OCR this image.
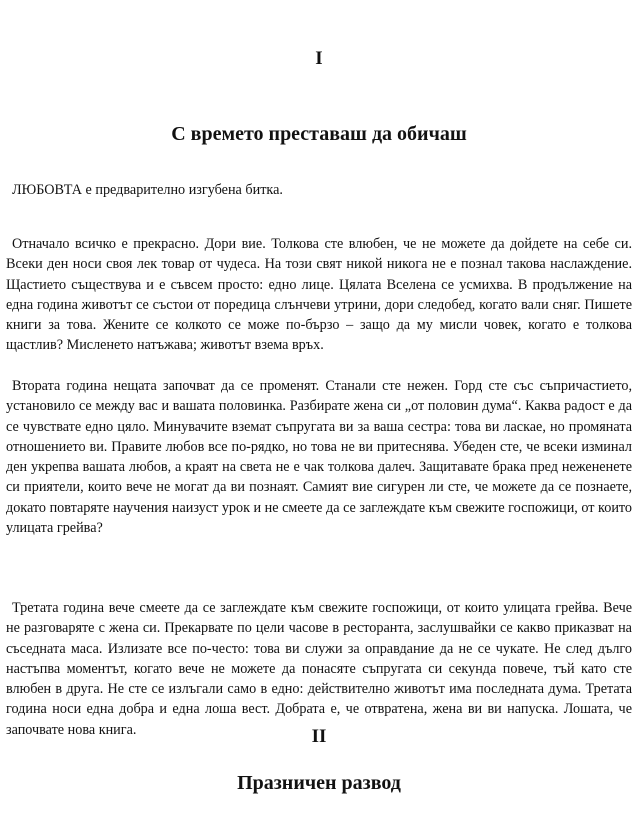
I
С времето преставаш да обичаш

ЛЮБОВТА е предварително изгубена битка.

Отначало всичко е прекрасно. Дори вие. Толкова сте влюбен, че не можете да дойдете на себе си. Всеки ден носи своя лек товар от чудеса. На този свят никой никога не е познал такова наслаждение. Щастието съществува и е съвсем просто: едно лице. Цялата Вселена се усмихва. В продължение на една година животът се състои от поредица слънчеви утрини, дори следобед, когато вали сняг. Пишете книги за това. Жените се колкото се може по-бързо – защо да му мисли човек, когато е толкова щастлив? Мисленето натъжава; животът взема връх.

Втората година нещата започват да се променят. Станали сте нежен. Горд сте със съпричастието, установило се между вас и вашата половинка. Разбирате жена си „от половин дума“. Каква радост е да се чувствате едно цяло. Минувачите вземат съпругата ви за ваша сестра: това ви ласкае, но промяната отношението ви. Правите любов все по-рядко, но това не ви притеснява. Убеден сте, че всеки изминал ден укрепва вашата любов, а краят на света не е чак толкова далеч. Защитавате брака пред нежененете си приятели, които вече не могат да ви познаят. Самият вие сигурен ли сте, че можете да се познаете, докато повтаряте научения наизуст урок и не смеете да се заглеждате към свежите госпожици, от които улицата грейва?

Третата година вече смеете да се заглеждате към свежите госпожици, от които улицата грейва. Вече не разговаряте с жена си. Прекарвате по цели часове в ресторанта, заслушвайки се какво приказват на съседната маса. Излизате все по-често: това ви служи за оправдание да не се чукате. Не след дълго настъпва моментът, когато вече не можете да понасяте съпругата си секунда повече, тъй като сте влюбен в друга. Не сте се излъгали само в едно: действително животът има последната дума. Третата година носи една добра и една лоша вест. Добрата е, че отвратена, жена ви ви напуска. Лошата, че започвате нова книга.	II
Празничен развод
